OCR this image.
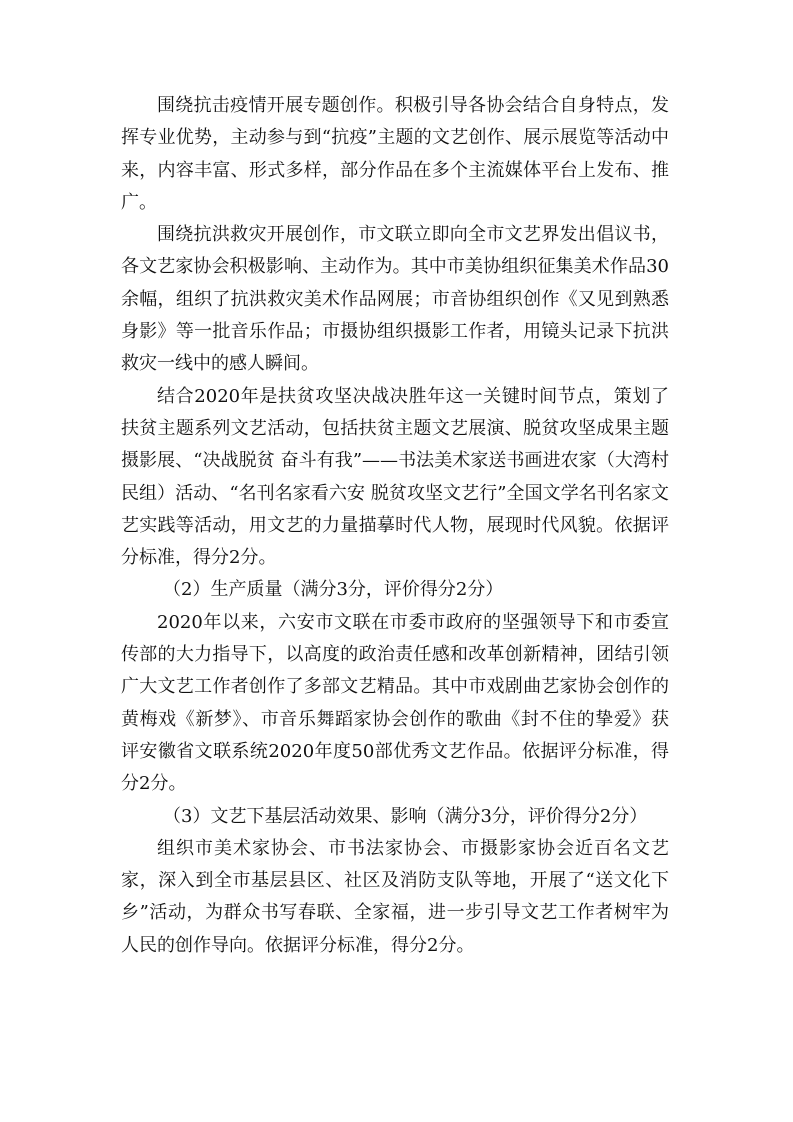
围绕抗击疫情开展专题创作。积极引导各协会结合自身特点，发挥专业优势，主动参与到“抗疫”主题的文艺创作、展示展览等活动中来，内容丰富、形式多样，部分作品在多个主流媒体平台上发布、推广。

围绕抗洪救灾开展创作，市文联立即向全市文艺界发出倡议书，各文艺家协会积极影响、主动作为。其中市美协组织征集美术作品30余幅，组织了抗洪救灾美术作品网展；市音协组织创作《又见到熟悉身影》等一批音乐作品；市摄协组织摄影工作者，用镜头记录下抗洪救灾一线中的感人瞬间。

结合2020年是扶贫攻坚决战决胜年这一关键时间节点，策划了扶贫主题系列文艺活动，包括扶贫主题文艺展演、脱贫攻坚成果主题摄影展、“决战脱贫 奋斗有我”——书法美术家送书画进农家（大湾村民组）活动、“名刊名家看六安 脱贫攻坚文艺行”全国文学名刊名家文艺实践等活动，用文艺的力量描摹时代人物，展现时代风貌。依据评分标准，得分2分。

（2）生产质量（满分3分，评价得分2分）

2020年以来，六安市文联在市委市政府的坚强领导下和市委宣传部的大力指导下，以高度的政治责任感和改革创新精神，团结引领广大文艺工作者创作了多部文艺精品。其中市戏剧曲艺家协会创作的黄梅戏《新梦》、市音乐舞蹈家协会创作的歌曲《封不住的挚爱》获评安徽省文联系统2020年度50部优秀文艺作品。依据评分标准，得分2分。

（3）文艺下基层活动效果、影响（满分3分，评价得分2分）

组织市美术家协会、市书法家协会、市摄影家协会近百名文艺家，深入到全市基层县区、社区及消防支队等地，开展了“送文化下乡”活动，为群众书写春联、全家福，进一步引导文艺工作者树牢为人民的创作导向。依据评分标准，得分2分。
